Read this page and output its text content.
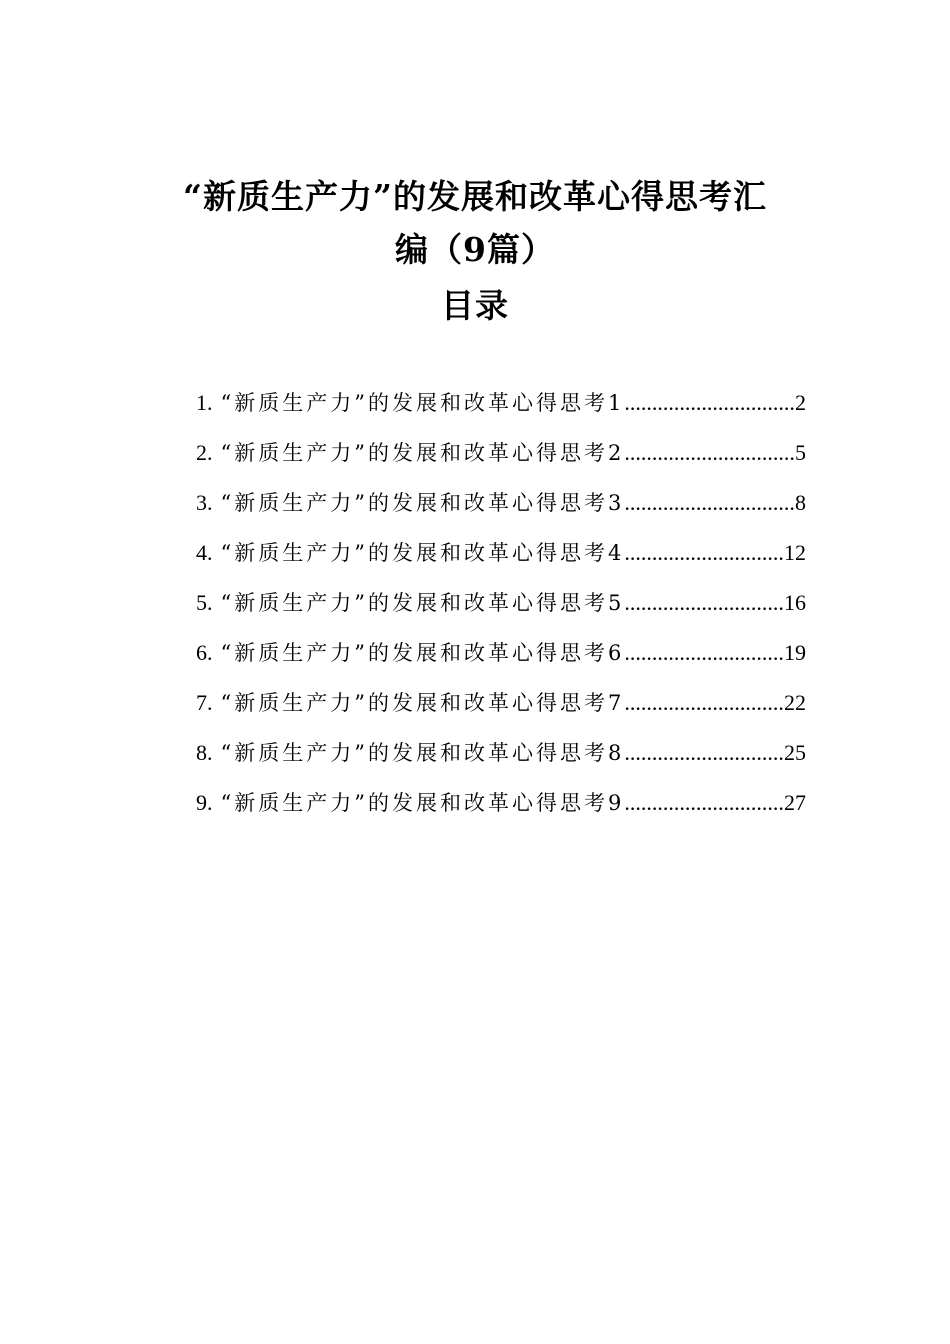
“新质生产力”的发展和改革心得思考汇
编（9篇）
目录
1. “新质生产力”的发展和改革心得思考1 .....	2
2. “新质生产力”的发展和改革心得思考2 .....	5
3. “新质生产力”的发展和改革心得思考3 .....	8
4. “新质生产力”的发展和改革心得思考4 .....	12
5. “新质生产力”的发展和改革心得思考5 .....	16
6. “新质生产力”的发展和改革心得思考6 .....	19
7. “新质生产力”的发展和改革心得思考7 .....	22
8. “新质生产力”的发展和改革心得思考8 .....	25
9. “新质生产力”的发展和改革心得思考9 .....	27
